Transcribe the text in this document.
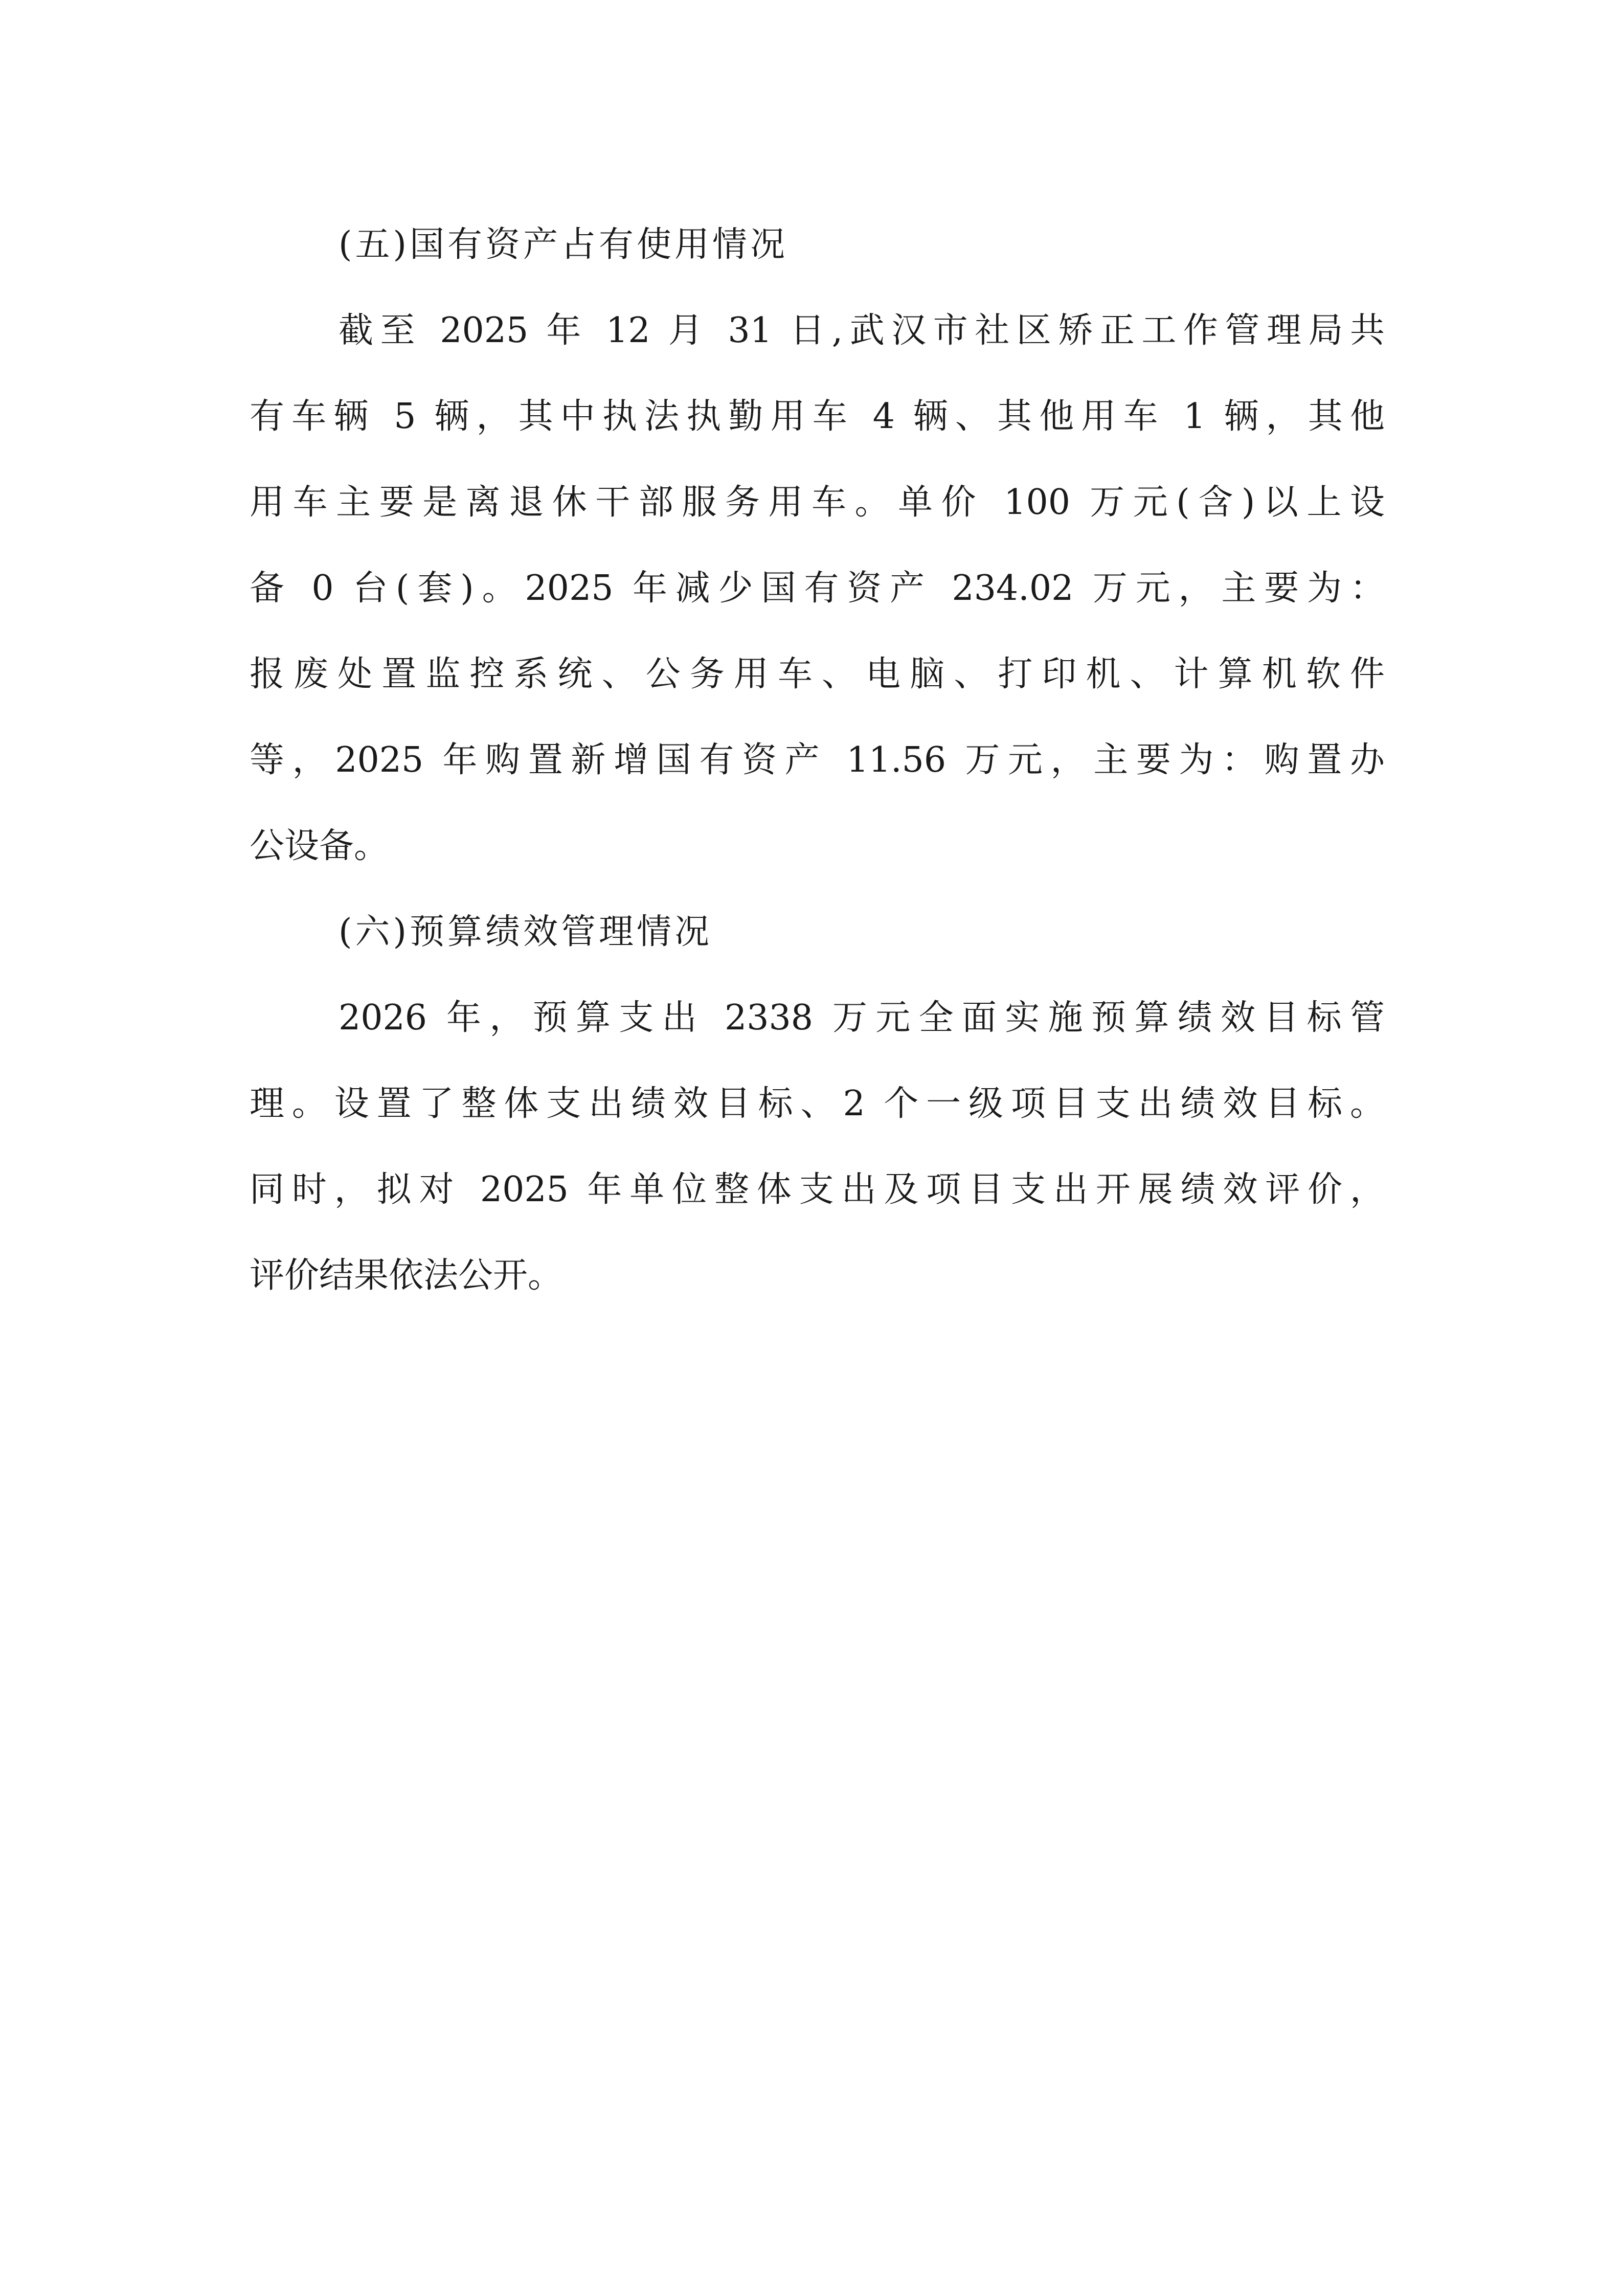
(五)国有资产占有使用情况

截至 2025 年 12 月 31 日,武汉市社区矫正工作管理局共
有车辆 5 辆，其中执法执勤用车 4 辆、其他用车 1 辆，其他
用车主要是离退休干部服务用车。单价 100 万元(含)以上设
备 0 台(套)。2025 年减少国有资产 234.02 万元，主要为：
报废处置监控系统、公务用车、电脑、打印机、计算机软件
等，2025 年购置新增国有资产 11.56 万元，主要为：购置办
公设备。

(六)预算绩效管理情况

2026 年，预算支出 2338 万元全面实施预算绩效目标管
理。设置了整体支出绩效目标、2 个一级项目支出绩效目标。
同时，拟对 2025 年单位整体支出及项目支出开展绩效评价，
评价结果依法公开。
